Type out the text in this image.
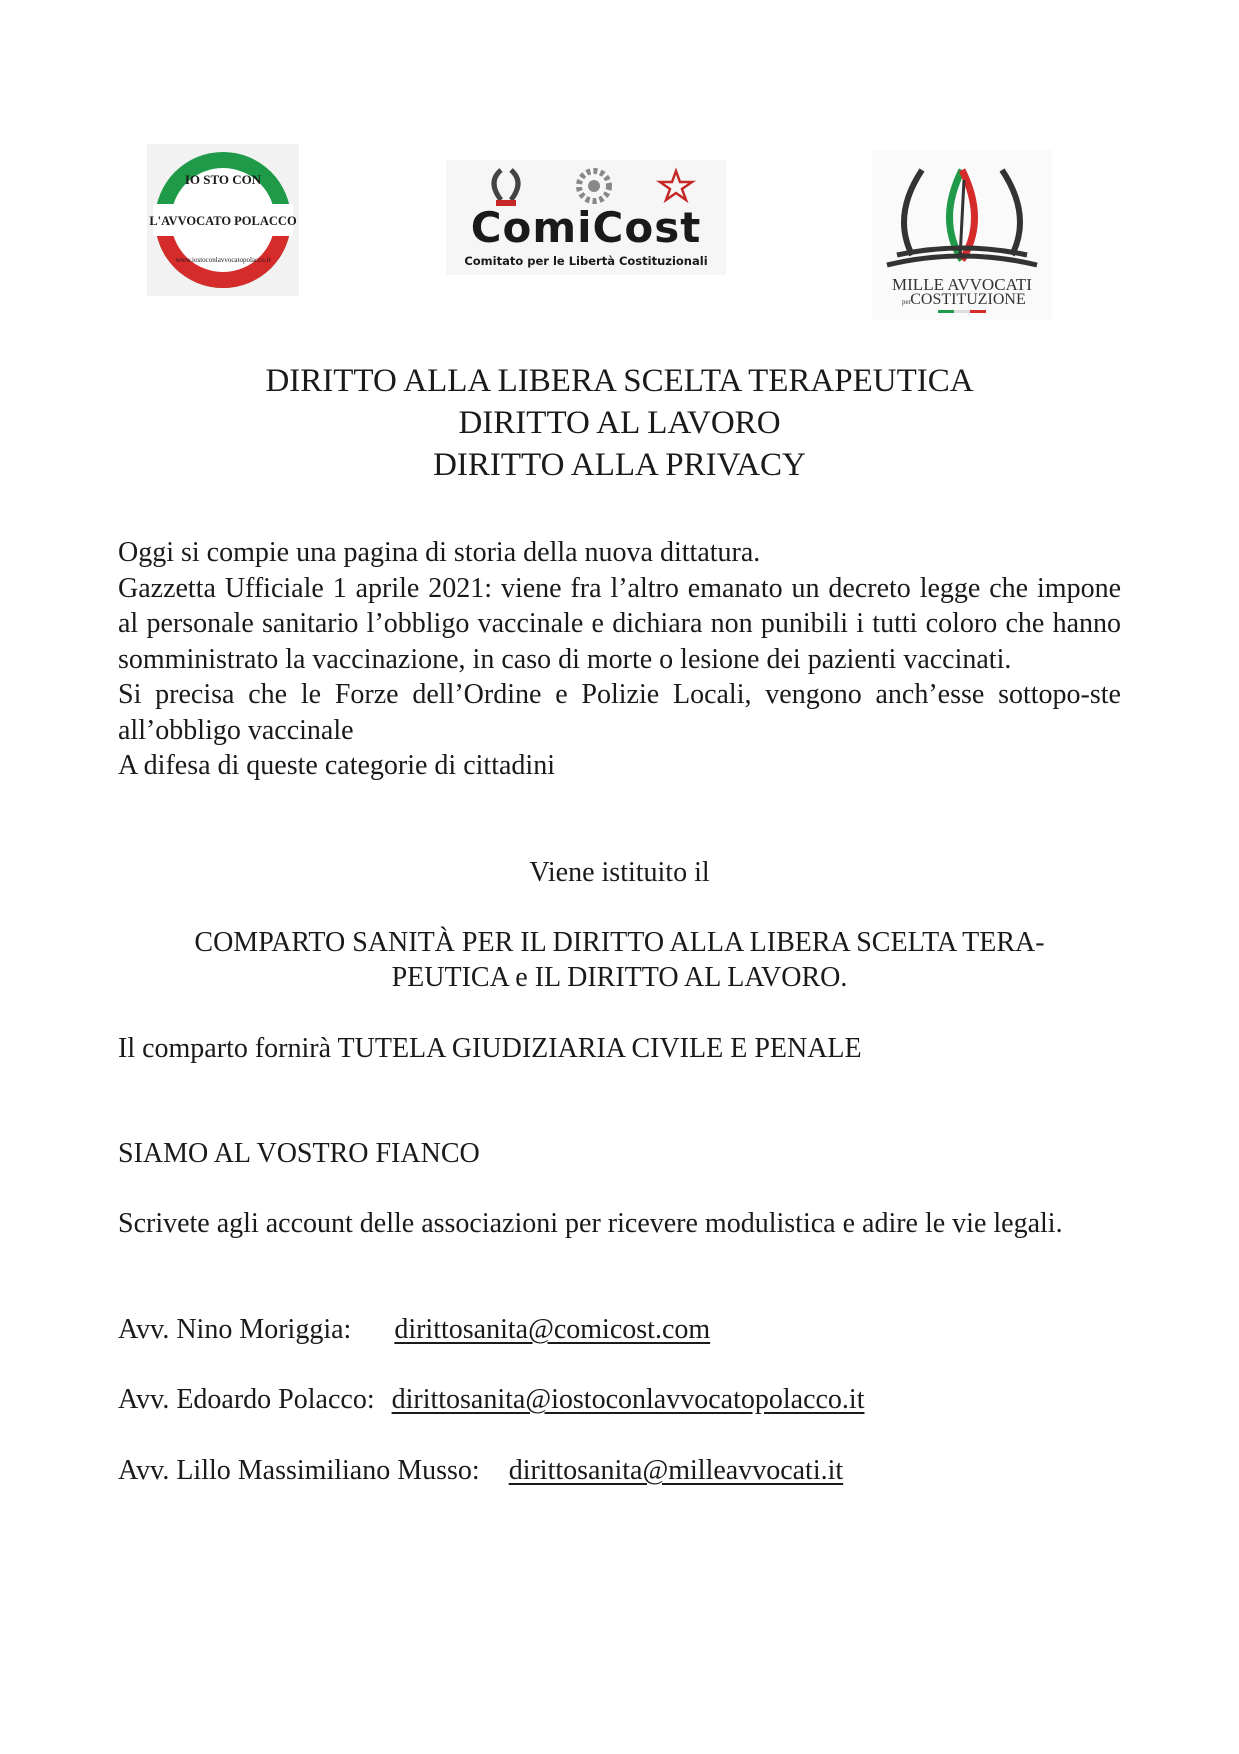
IO STO CON
L'AVVOCATO POLACCO
www.iostoconlavvocatopolacco.it
ComiCost
Comitato per le Libertà Costituzionali
MILLE AVVOCATI
per COSTITUZIONE
DIRITTO ALLA LIBERA SCELTA TERAPEUTICA
DIRITTO AL LAVORO
DIRITTO ALLA PRIVACY

Oggi si compie una pagina di storia della nuova dittatura.

Gazzetta Ufficiale 1 aprile 2021: viene fra l’altro emanato un decreto legge che impone al personale sanitario l’obbligo vaccinale e dichiara non punibili i tutti coloro che hanno somministrato la vaccinazione, in caso di morte o lesione dei pazienti vaccinati.

Si precisa che le Forze dell’Ordine e Polizie Locali, vengono anch’esse sottopo-ste all’obbligo vaccinale

A difesa di queste categorie di cittadini

Viene istituito il
COMPARTO SANITÀ PER IL DIRITTO ALLA LIBERA SCELTA TERA-
PEUTICA e IL DIRITTO AL LAVORO.
Il comparto fornirà TUTELA GIUDIZIARIA CIVILE E PENALE
SIAMO AL VOSTRO FIANCO
Scrivete agli account delle associazioni per ricevere modulistica e adire le vie legali.
Avv. Nino Moriggia: dirittosanita@comicost.com
Avv. Edoardo Polacco: dirittosanita@iostoconlavvocatopolacco.it
Avv. Lillo Massimiliano Musso: dirittosanita@milleavvocati.it
